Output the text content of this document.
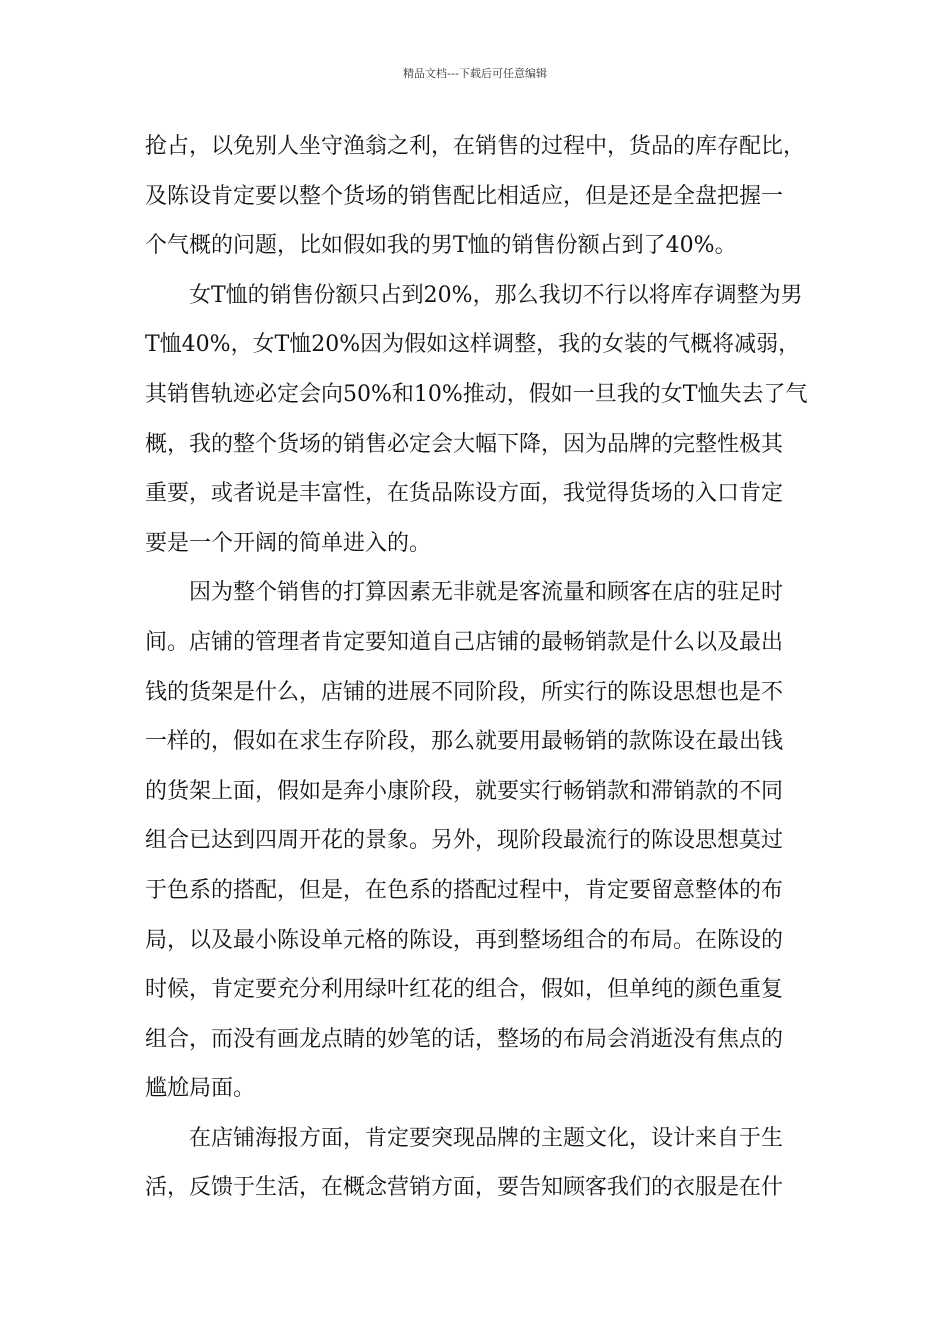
精品文档---下载后可任意编辑
抢占，以免别人坐守渔翁之利，在销售的过程中，货品的库存配比，
及陈设肯定要以整个货场的销售配比相适应，但是还是全盘把握一
个气概的问题，比如假如我的男T恤的销售份额占到了40%。
女T恤的销售份额只占到20%，那么我切不行以将库存调整为男
T恤40%，女T恤20%因为假如这样调整，我的女装的气概将减弱，
其销售轨迹必定会向50%和10%推动，假如一旦我的女T恤失去了气
概，我的整个货场的销售必定会大幅下降，因为品牌的完整性极其
重要，或者说是丰富性，在货品陈设方面，我觉得货场的入口肯定
要是一个开阔的简单进入的。
因为整个销售的打算因素无非就是客流量和顾客在店的驻足时
间。店铺的管理者肯定要知道自己店铺的最畅销款是什么以及最出
钱的货架是什么，店铺的进展不同阶段，所实行的陈设思想也是不
一样的，假如在求生存阶段，那么就要用最畅销的款陈设在最出钱
的货架上面，假如是奔小康阶段，就要实行畅销款和滞销款的不同
组合已达到四周开花的景象。另外，现阶段最流行的陈设思想莫过
于色系的搭配，但是，在色系的搭配过程中，肯定要留意整体的布
局，以及最小陈设单元格的陈设，再到整场组合的布局。在陈设的
时候，肯定要充分利用绿叶红花的组合，假如，但单纯的颜色重复
组合，而没有画龙点睛的妙笔的话，整场的布局会消逝没有焦点的
尴尬局面。
在店铺海报方面，肯定要突现品牌的主题文化，设计来自于生
活，反馈于生活，在概念营销方面，要告知顾客我们的衣服是在什
